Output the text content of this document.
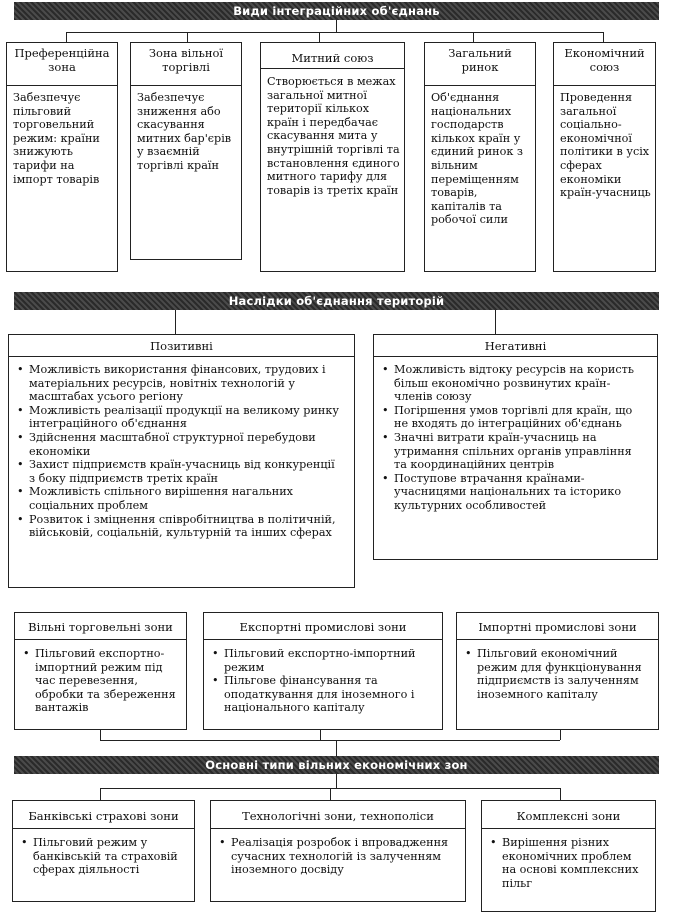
Види інтеграційних об'єднань
Преференційна зона
Забезпечує пільговий торговельний режим: країни знижують тарифи на імпорт товарів
Зона вільної торгівлі
Забезпечує зниження або скасування митних бар'єрів у взаємній торгівлі країн
Митний союз
Створюється в межах загальної митної території кількох країн і передбачає скасування мита у внутрішній торгівлі та встановлення єдиного митного тарифу для товарів із третіх країн
Загальний ринок
Об'єднання національних господарств кількох країн у єдиний ринок з вільним переміщенням товарів, капіталів та робочої сили
Економічний союз
Проведення загальної соціально-економічної політики в усіх сферах економіки країн-учасниць
Наслідки об'єднання територій
Позитивні
• Можливість використання фінансових, трудових і матеріальних ресурсів, новітніх технологій у масштабах усього регіону
• Можливість реалізації продукції на великому ринку інтеграційного об'єднання
• Здійснення масштабної структурної перебудови економіки
• Захист підприємств країн-учасниць від конкуренції з боку підприємств третіх країн
• Можливість спільного вирішення нагальних соціальних проблем
• Розвиток і зміцнення співробітництва в політичній, військовій, соціальній, культурній та інших сферах
Негативні
• Можливість відтоку ресурсів на користь більш економічно розвинутих країн-членів союзу
• Погіршення умов торгівлі для країн, що не входять до інтеграційних об'єднань
• Значні витрати країн-учасниць на утримання спільних органів управління та координаційних центрів
• Поступове втрачання країнами-учасницями національних та історико культурних особливостей
Вільні торговельні зони
• Пільговий експортно-імпортний режим під час перевезення, обробки та збереження вантажів
Експортні промислові зони
• Пільговий експортно-імпортний режим
• Пільгове фінансування та оподаткування для іноземного і національного капіталу
Імпортні промислові зони
• Пільговий економічний режим для функціонування підприємств із залученням іноземного капіталу
Основні типи вільних економічних зон
Банківські страхові зони
• Пільговий режим у банківській та страховій сферах діяльності
Технологічні зони, технополіси
• Реалізація розробок і впровадження сучасних технологій із залученням іноземного досвіду
Комплексні зони
• Вирішення різних економічних проблем на основі комплексних пільг
